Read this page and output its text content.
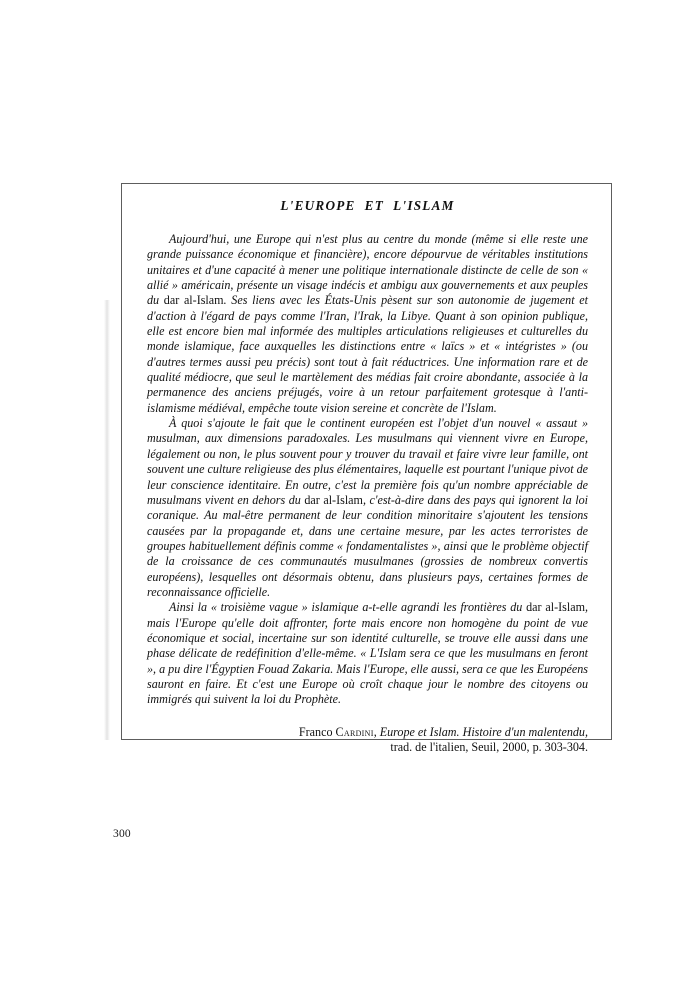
L'EUROPE  ET  L'ISLAM

Aujourd'hui, une Europe qui n'est plus au centre du monde (même si elle reste une grande puissance économique et financière), encore dépourvue de véritables institutions unitaires et d'une capacité à mener une politique internationale distincte de celle de son « allié » américain, présente un visage indécis et ambigu aux gouvernements et aux peuples du dar al-Islam. Ses liens avec les États-Unis pèsent sur son autonomie de jugement et d'action à l'égard de pays comme l'Iran, l'Irak, la Libye. Quant à son opinion publique, elle est encore bien mal informée des multiples articulations religieuses et culturelles du monde islamique, face auxquelles les distinctions entre « laïcs » et « intégristes » (ou d'autres termes aussi peu précis) sont tout à fait réductrices. Une information rare et de qualité médiocre, que seul le martèlement des médias fait croire abondante, associée à la permanence des anciens préjugés, voire à un retour parfaitement grotesque à l'anti-islamisme médiéval, empêche toute vision sereine et concrète de l'Islam.

À quoi s'ajoute le fait que le continent européen est l'objet d'un nouvel « assaut » musulman, aux dimensions paradoxales. Les musulmans qui viennent vivre en Europe, légalement ou non, le plus souvent pour y trouver du travail et faire vivre leur famille, ont souvent une culture religieuse des plus élémentaires, laquelle est pourtant l'unique pivot de leur conscience identitaire. En outre, c'est la première fois qu'un nombre appréciable de musulmans vivent en dehors du dar al-Islam, c'est-à-dire dans des pays qui ignorent la loi coranique. Au mal-être permanent de leur condition minoritaire s'ajoutent les tensions causées par la propagande et, dans une certaine mesure, par les actes terroristes de groupes habituellement définis comme « fondamentalistes », ainsi que le problème objectif de la croissance de ces communautés musulmanes (grossies de nombreux convertis européens), lesquelles ont désormais obtenu, dans plusieurs pays, certaines formes de reconnaissance officielle.

Ainsi la « troisième vague » islamique a-t-elle agrandi les frontières du dar al-Islam, mais l'Europe qu'elle doit affronter, forte mais encore non homogène du point de vue économique et social, incertaine sur son identité culturelle, se trouve elle aussi dans une phase délicate de redéfinition d'elle-même. « L'Islam sera ce que les musulmans en feront », a pu dire l'Égyptien Fouad Zakaria. Mais l'Europe, elle aussi, sera ce que les Européens sauront en faire. Et c'est une Europe où croît chaque jour le nombre des citoyens ou immigrés qui suivent la loi du Prophète.

Franco Cardini, Europe et Islam. Histoire d'un malentendu,
trad. de l'italien, Seuil, 2000, p. 303-304.
300
